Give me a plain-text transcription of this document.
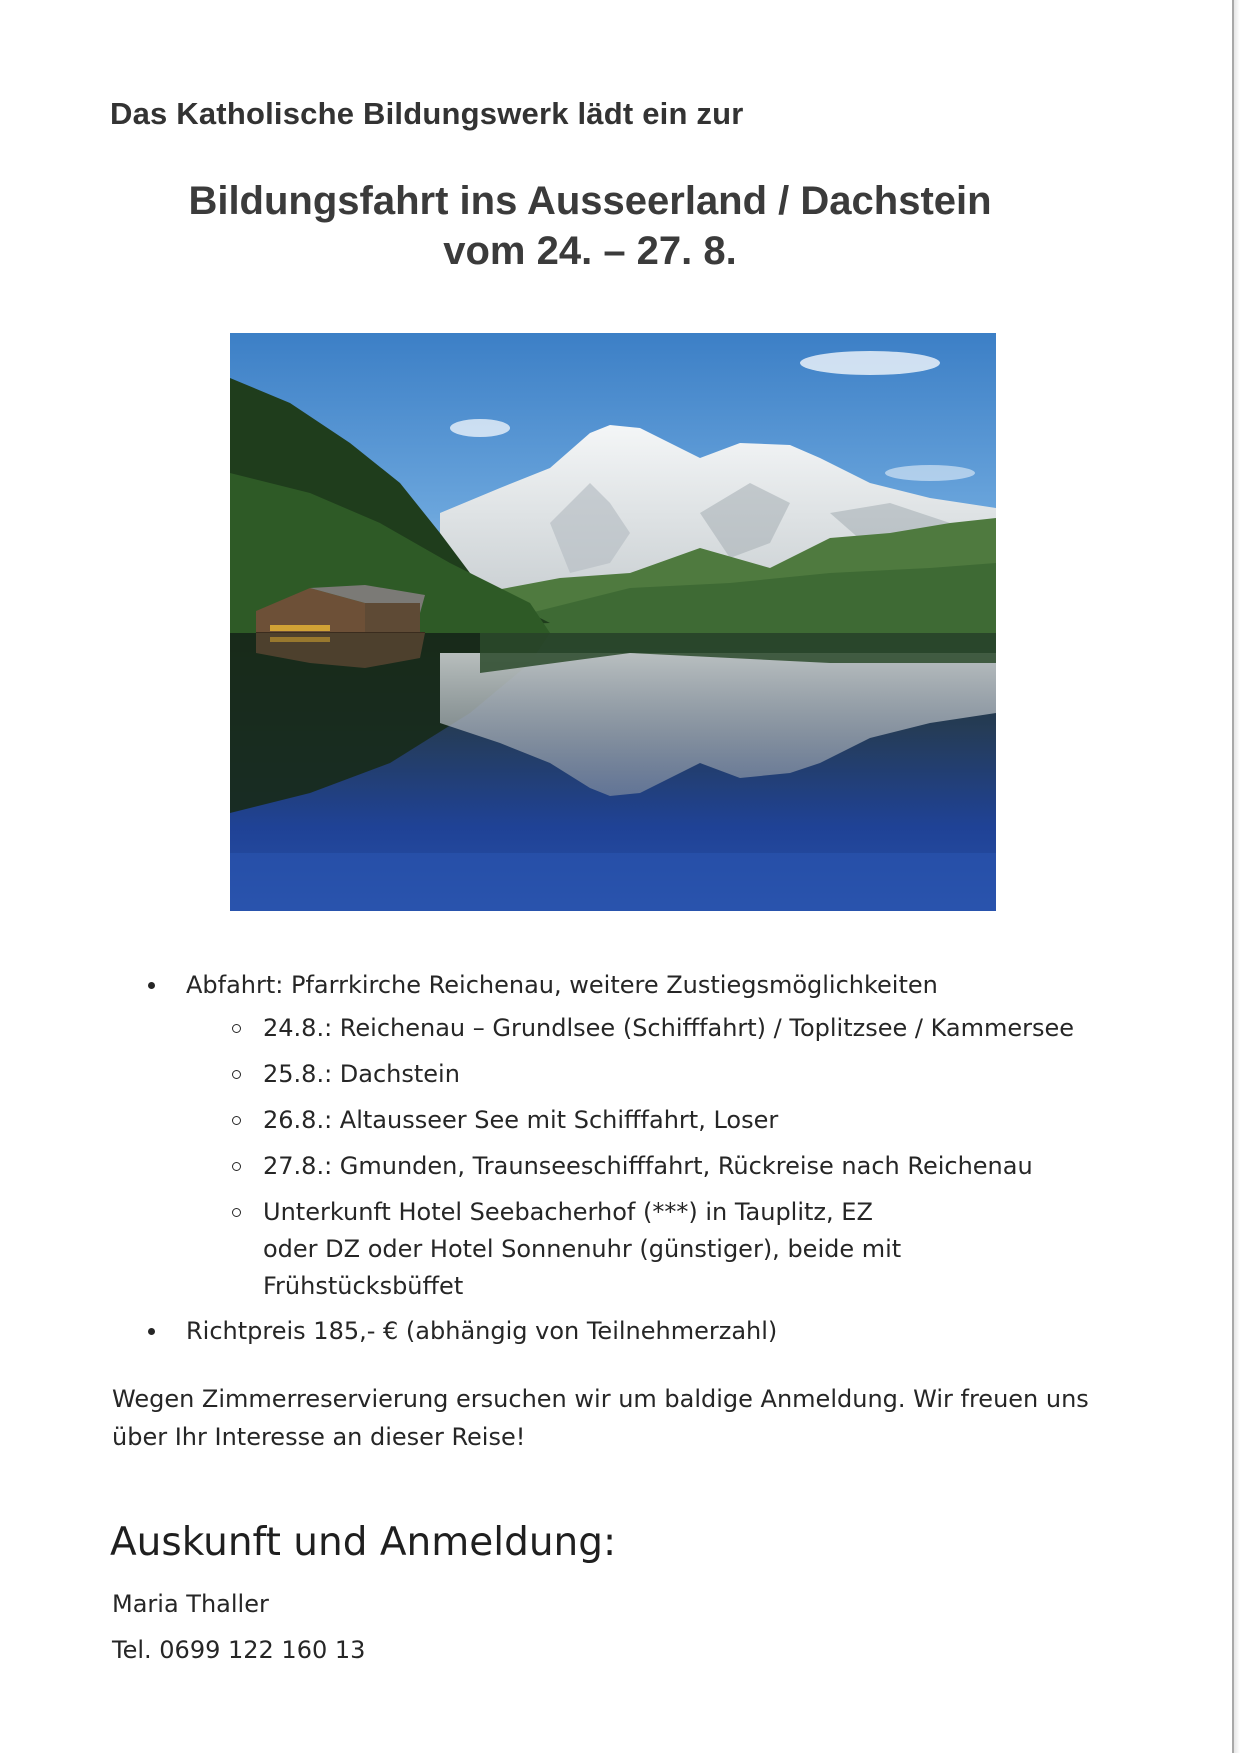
Das Katholische Bildungswerk lädt ein zur

Bildungsfahrt ins Ausseerland / Dachstein

vom 24. – 27. 8.

Abfahrt: Pfarrkirche Reichenau, weitere Zustiegsmöglichkeiten
24.8.: Reichenau – Grundlsee (Schifffahrt) / Toplitzsee / Kammersee
25.8.: Dachstein
26.8.: Altausseer See mit Schifffahrt, Loser
27.8.: Gmunden, Traunseeschifffahrt, Rückreise nach Reichenau
Unterkunft Hotel Seebacherhof (***) in Tauplitz, EZ oder DZ oder Hotel Sonnenuhr (günstiger), beide mit Frühstücksbüffet
Richtpreis 185,- € (abhängig von Teilnehmerzahl)

Wegen Zimmerreservierung ersuchen wir um baldige Anmeldung. Wir freuen uns über Ihr Interesse an dieser Reise!

Auskunft und Anmeldung:

Maria Thaller

Tel. 0699 122 160 13
